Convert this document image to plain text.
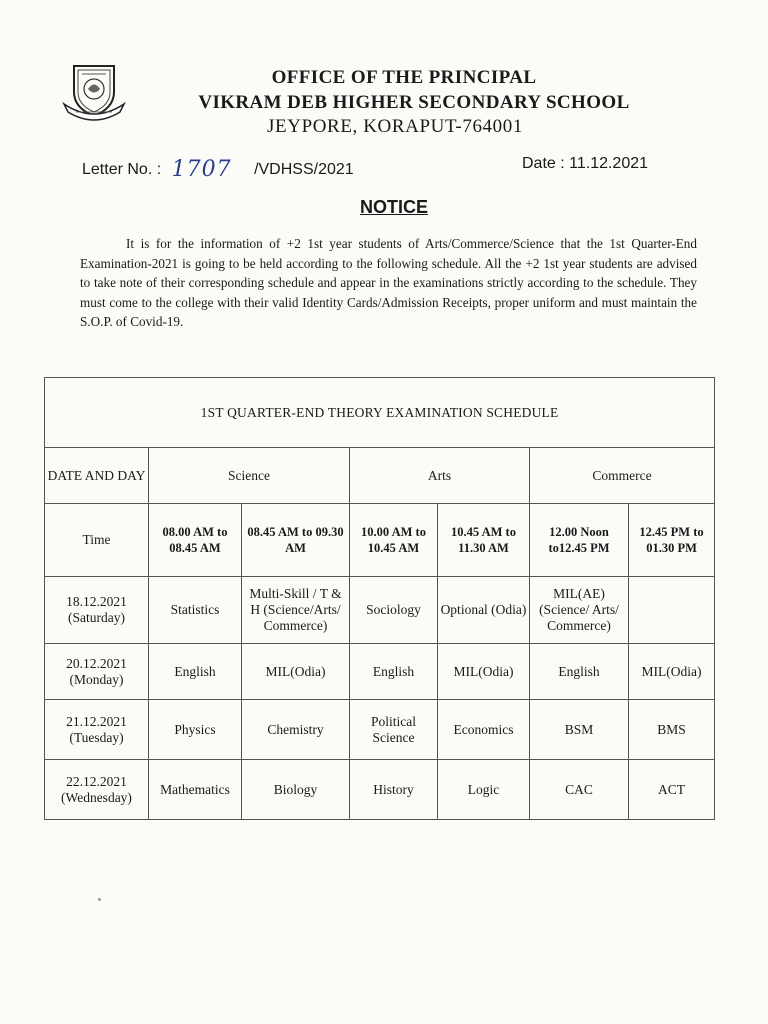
OFFICE OF THE PRINCIPAL
VIKRAM DEB HIGHER SECONDARY SCHOOL
JEYPORE, KORAPUT-764001
Letter No. : 1707 /VDHSS/2021	Date : 11.12.2021
NOTICE
It is for the information of +2 1st year students of Arts/Commerce/Science that the 1st Quarter-End Examination-2021 is going to be held according to the following schedule. All the +2 1st year students are advised to take note of their corresponding schedule and appear in the examinations strictly according to the schedule. They must come to the college with their valid Identity Cards/Admission Receipts, proper uniform and must maintain the S.O.P. of Covid-19.
1ST QUARTER-END THEORY EXAMINATION SCHEDULE						
DATE AND DAY	Science		Arts		Commerce	
Time	08.00 AM to 08.45 AM	08.45 AM to 09.30 AM	10.00 AM to 10.45 AM	10.45 AM to 11.30 AM	12.00 Noon to12.45 PM	12.45 PM to 01.30 PM

18.12.2021
(Saturday)	Statistics	Multi-Skill / T & H (Science/Arts/ Commerce)	Sociology	Optional (Odia)	MIL(AE) (Science/ Arts/ Commerce)	

20.12.2021
(Monday)	English	MIL(Odia)	English	MIL(Odia)	English	MIL(Odia)

21.12.2021
(Tuesday)	Physics	Chemistry	Political Science	Economics	BSM	BMS

22.12.2021
(Wednesday)	Mathematics	Biology	History	Logic	CAC	ACT
